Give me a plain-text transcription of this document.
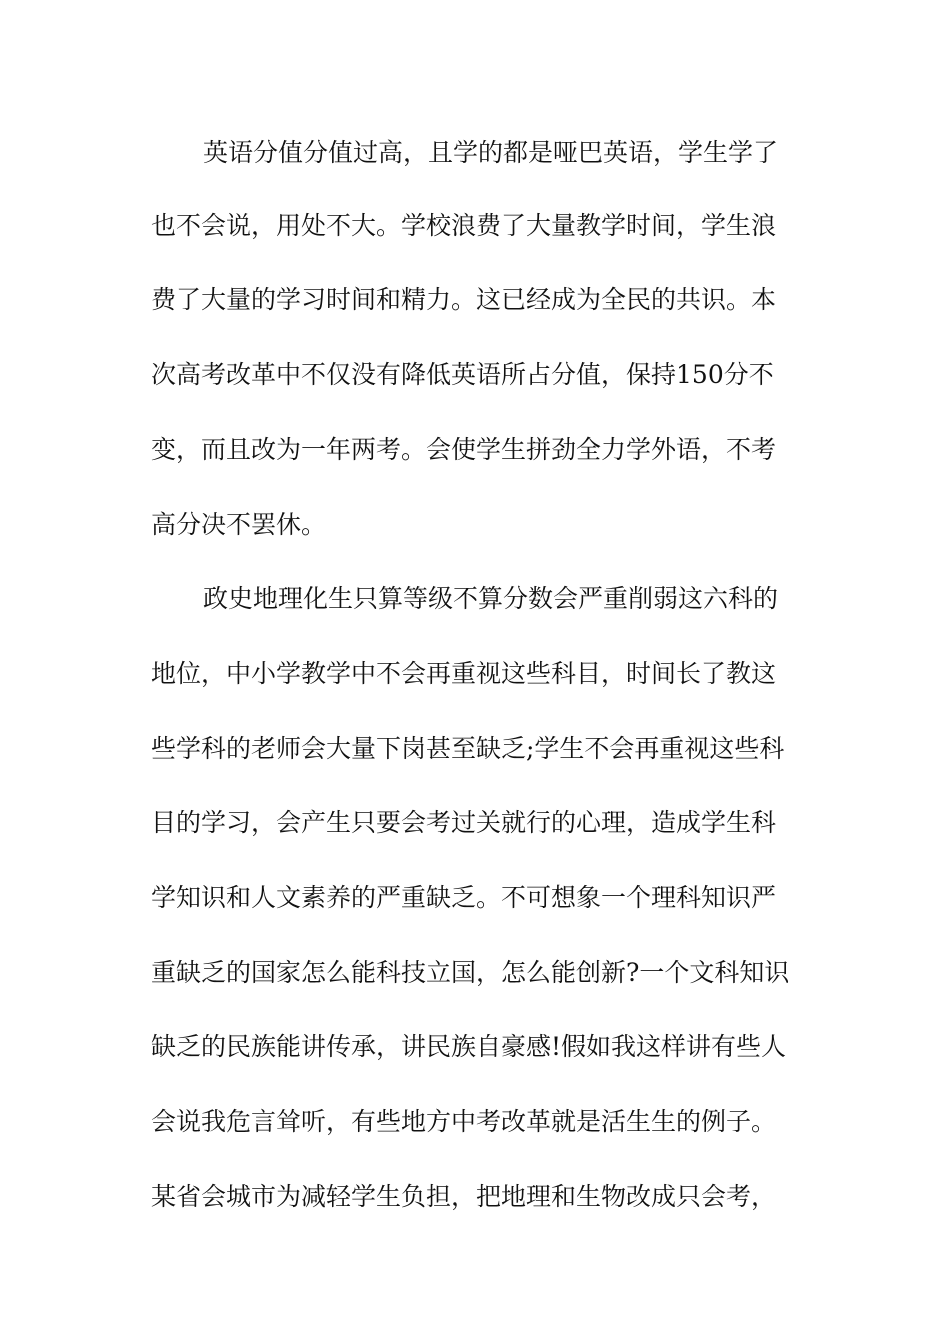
英语分值分值过高，且学的都是哑巴英语，学生学了
也不会说，用处不大。学校浪费了大量教学时间，学生浪
费了大量的学习时间和精力。这已经成为全民的共识。本
次高考改革中不仅没有降低英语所占分值，保持150分不
变，而且改为一年两考。会使学生拼劲全力学外语，不考
高分决不罢休。
政史地理化生只算等级不算分数会严重削弱这六科的
地位，中小学教学中不会再重视这些科目，时间长了教这
些学科的老师会大量下岗甚至缺乏;学生不会再重视这些科
目的学习，会产生只要会考过关就行的心理，造成学生科
学知识和人文素养的严重缺乏。不可想象一个理科知识严
重缺乏的国家怎么能科技立国，怎么能创新?一个文科知识
缺乏的民族能讲传承，讲民族自豪感!假如我这样讲有些人
会说我危言耸听，有些地方中考改革就是活生生的例子。
某省会城市为减轻学生负担，把地理和生物改成只会考，
